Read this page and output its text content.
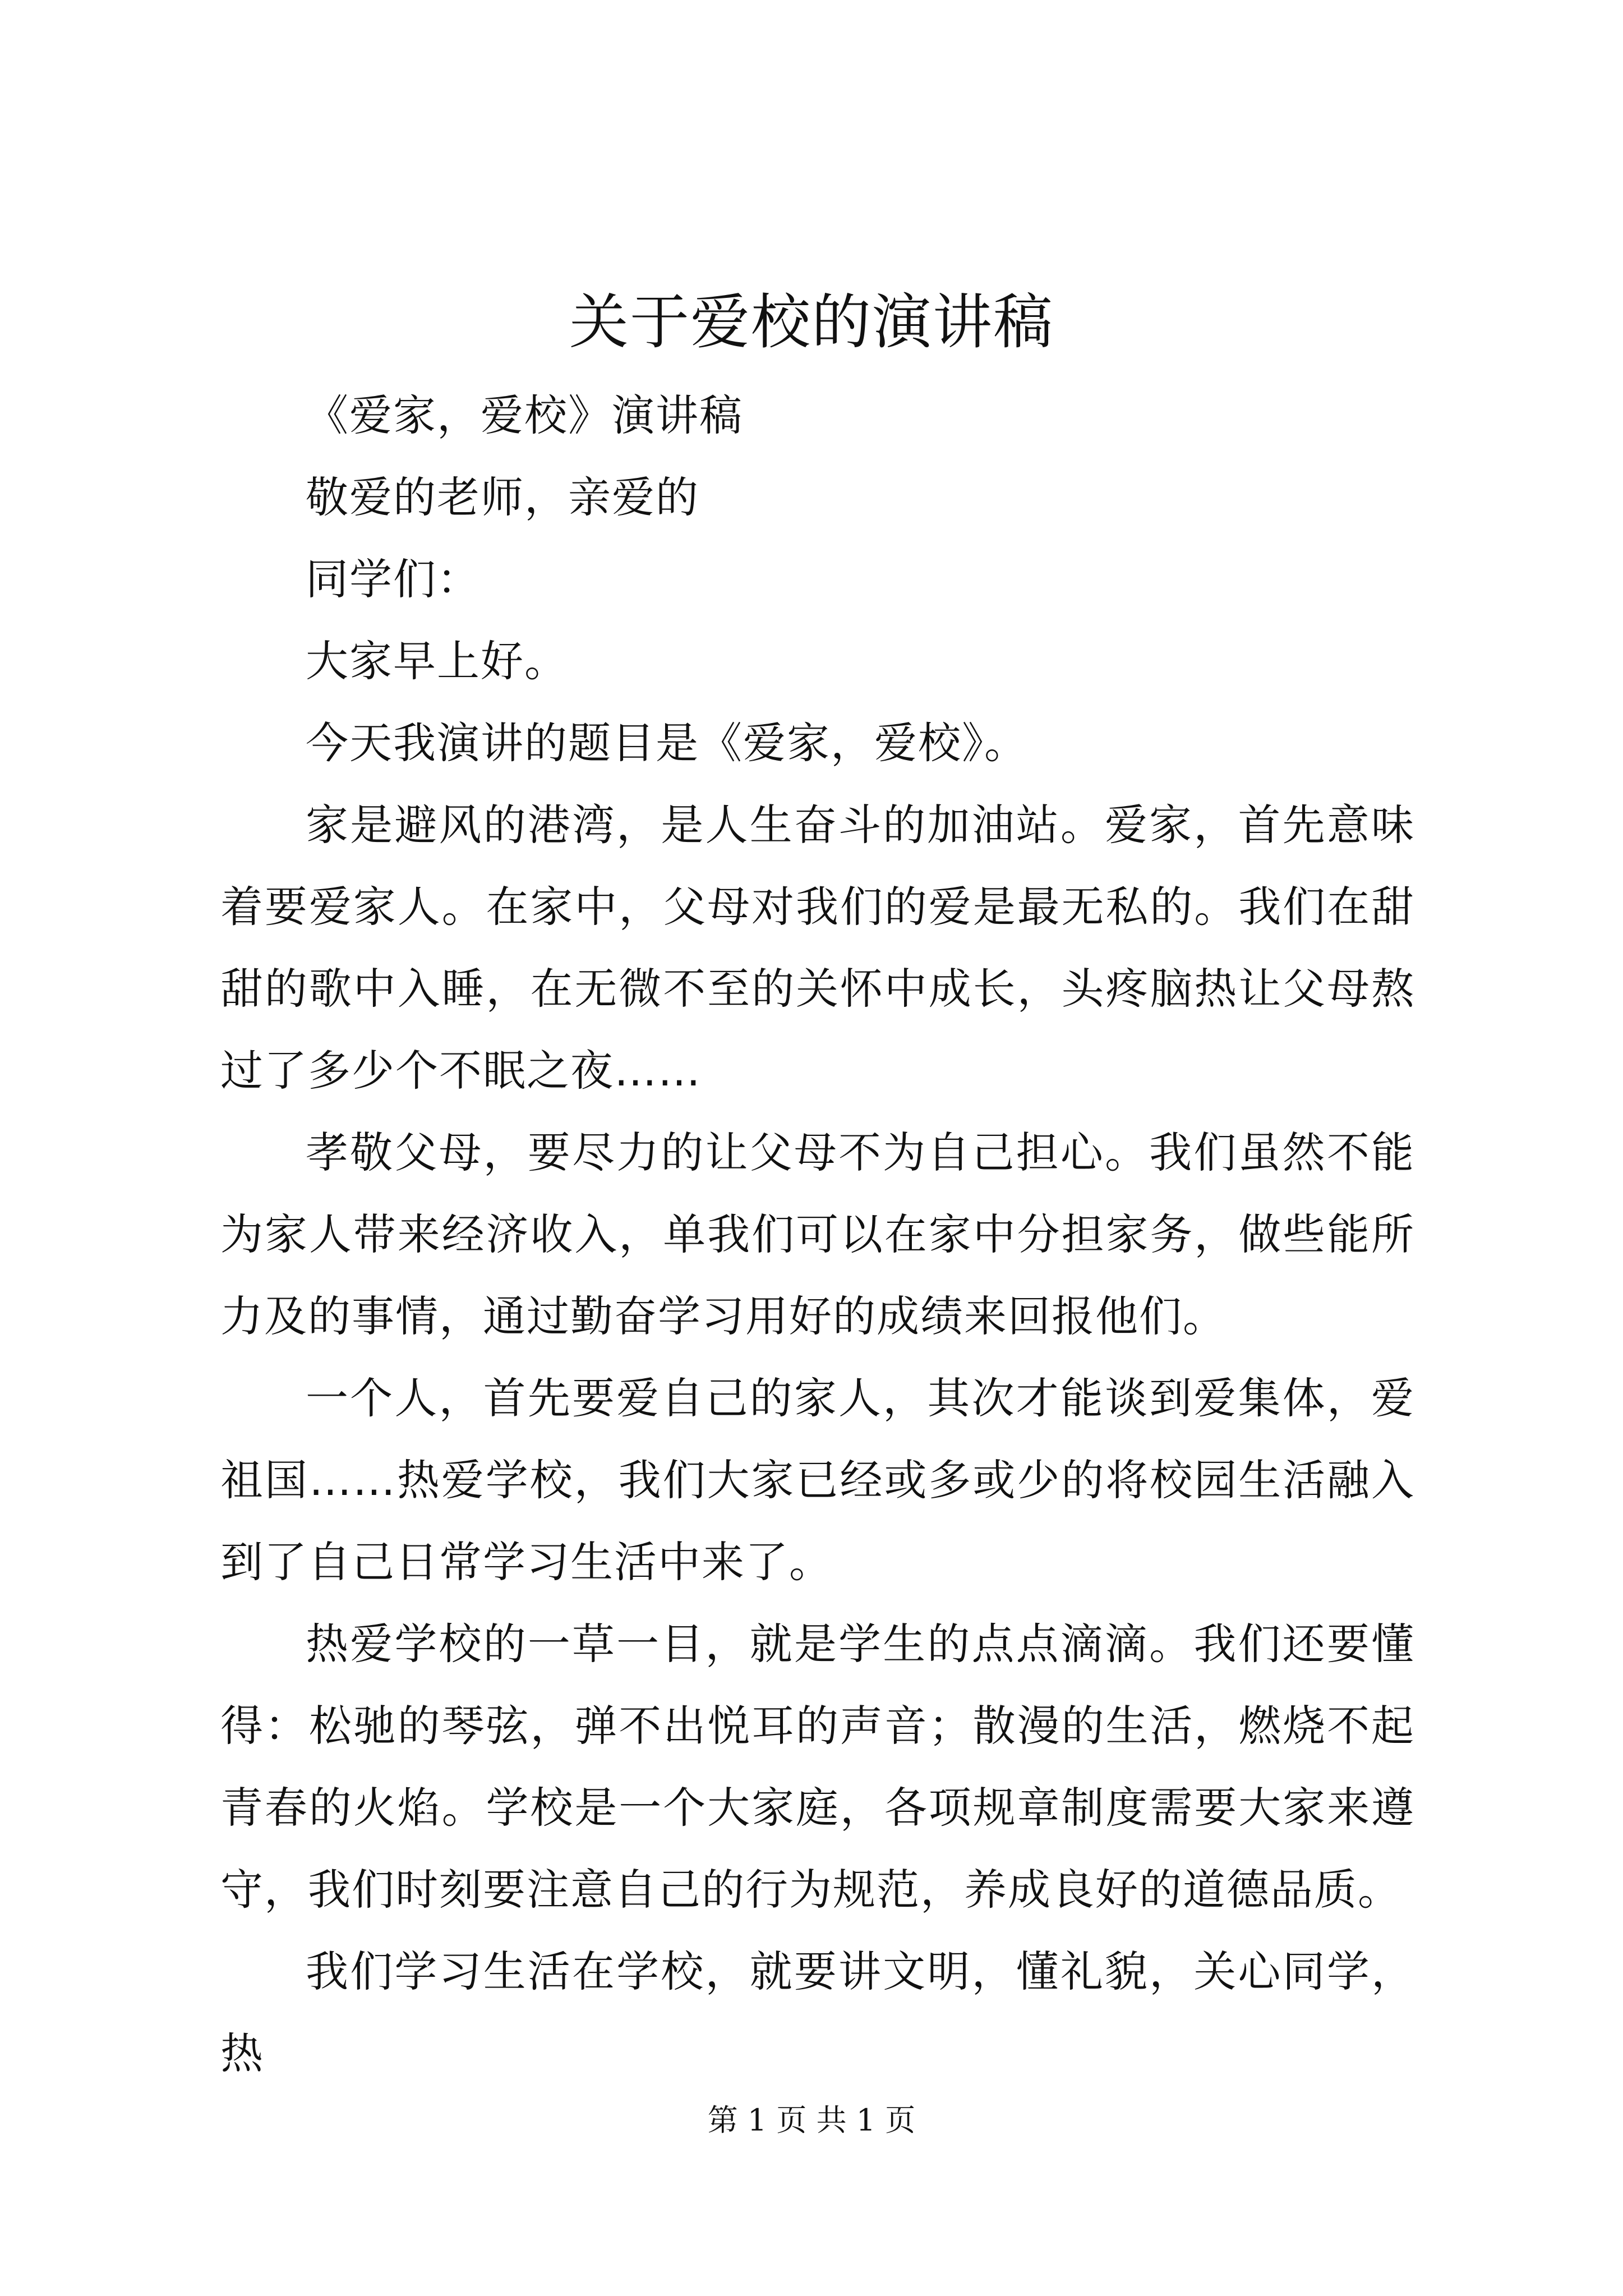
关于爱校的演讲稿

《爱家，爱校》演讲稿

敬爱的老师，亲爱的

同学们：

大家早上好。

今天我演讲的题目是《爱家，爱校》。

家是避风的港湾，是人生奋斗的加油站。爱家，首先意味着要爱家人。在家中，父母对我们的爱是最无私的。我们在甜甜的歌中入睡，在无微不至的关怀中成长，头疼脑热让父母熬过了多少个不眠之夜……

孝敬父母，要尽力的让父母不为自己担心。我们虽然不能为家人带来经济收入，单我们可以在家中分担家务，做些能所力及的事情，通过勤奋学习用好的成绩来回报他们。

一个人，首先要爱自己的家人，其次才能谈到爱集体，爱祖国……热爱学校，我们大家已经或多或少的将校园生活融入到了自己日常学习生活中来了。

热爱学校的一草一目，就是学生的点点滴滴。我们还要懂得：松驰的琴弦，弹不出悦耳的声音；散漫的生活，燃烧不起青春的火焰。学校是一个大家庭，各项规章制度需要大家来遵守，我们时刻要注意自己的行为规范，养成良好的道德品质。

我们学习生活在学校，就要讲文明，懂礼貌，关心同学，热

第 1 页 共 1 页
